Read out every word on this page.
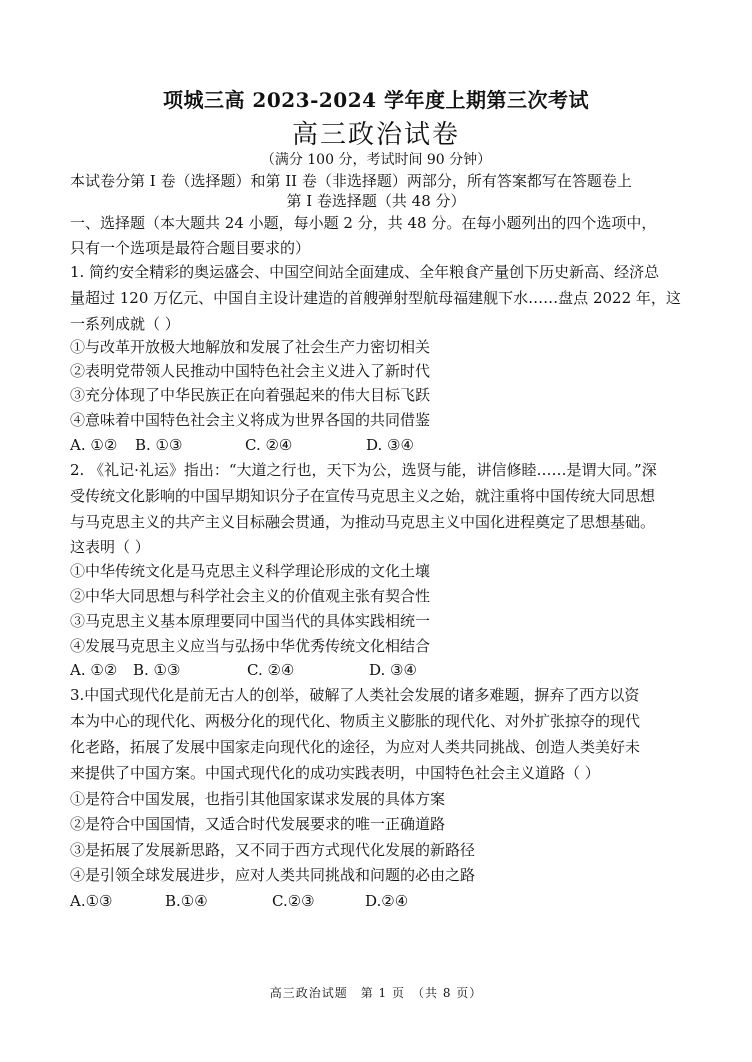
项城三高 2023-2024 学年度上期第三次考试
高三政治试卷
（满分 100 分，考试时间 90 分钟）
本试卷分第 I 卷（选择题）和第 II 卷（非选择题）两部分，所有答案都写在答题卷上
第 I 卷选择题（共 48 分）
一、选择题（本大题共 24 小题，每小题 2 分，共 48 分。在每小题列出的四个选项中，
只有一个选项是最符合题目要求的）
1. 简约安全精彩的奥运盛会、中国空间站全面建成、全年粮食产量创下历史新高、经济总
量超过 120 万亿元、中国自主设计建造的首艘弹射型航母福建舰下水……盘点 2022 年，这
一系列成就（ ）
①与改革开放极大地解放和发展了社会生产力密切相关
②表明党带领人民推动中国特色社会主义进入了新时代
③充分体现了中华民族正在向着强起来的伟大目标飞跃
④意味着中国特色社会主义将成为世界各国的共同借鉴
A. ①② B. ①③	C. ②④	D. ③④
2. 《礼记·礼运》指出：“大道之行也，天下为公，选贤与能，讲信修睦……是谓大同。”深
受传统文化影响的中国早期知识分子在宣传马克思主义之始，就注重将中国传统大同思想
与马克思主义的共产主义目标融会贯通，为推动马克思主义中国化进程奠定了思想基础。
这表明（ ）
①中华传统文化是马克思主义科学理论形成的文化土壤
②中华大同思想与科学社会主义的价值观主张有契合性
③马克思主义基本原理要同中国当代的具体实践相统一
④发展马克思主义应当与弘扬中华优秀传统文化相结合
A. ①② B. ①③	C. ②④	D. ③④
3.中国式现代化是前无古人的创举，破解了人类社会发展的诸多难题，摒弃了西方以资
本为中心的现代化、两极分化的现代化、物质主义膨胀的现代化、对外扩张掠夺的现代
化老路，拓展了发展中国家走向现代化的途径，为应对人类共同挑战、创造人类美好未
来提供了中国方案。中国式现代化的成功实践表明，中国特色社会主义道路（ ）
①是符合中国发展，也指引其他国家谋求发展的具体方案
②是符合中国国情，又适合时代发展要求的唯一正确道路
③是拓展了发展新思路，又不同于西方式现代化发展的新路径
④是引领全球发展进步，应对人类共同挑战和问题的必由之路
A.①③	B.①④	C.②③	D.②④
高三政治试题　第 1 页　（共 8 页）
